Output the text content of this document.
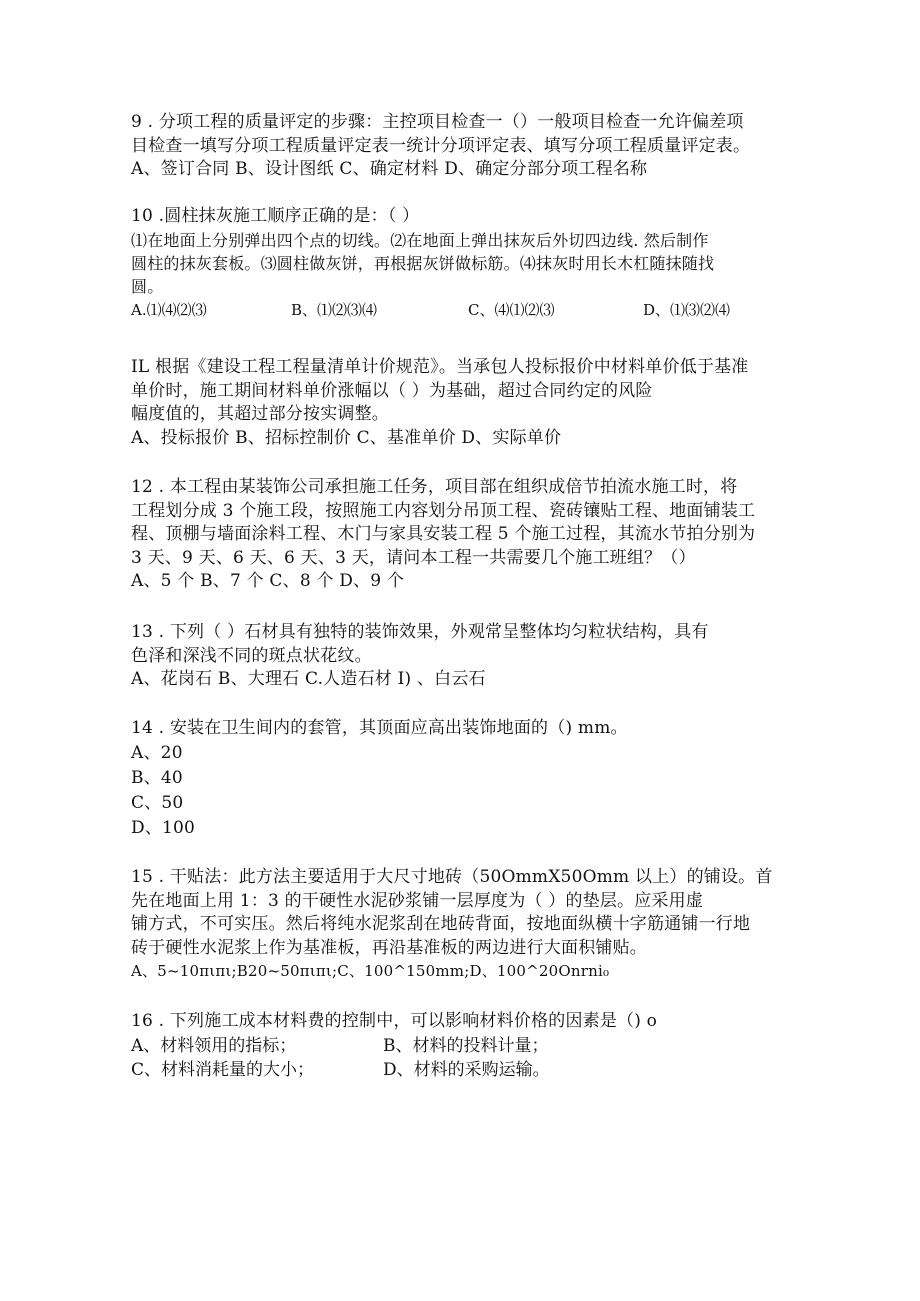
9 . 分项工程的质量评定的步骤：主控项目检查一（）一般项目检查一允许偏差项
目检查一填写分项工程质量评定表一统计分项评定表、填写分项工程质量评定表。
A、签订合同 B、设计图纸 C、确定材料 D、确定分部分项工程名称
10 .圆柱抹灰施工顺序正确的是：（ ）
⑴在地面上分别弹出四个点的切线。⑵在地面上弹出抹灰后外切四边线. 然后制作
圆柱的抹灰套板。⑶圆柱做灰饼，再根据灰饼做标筋。⑷抹灰时用长木杠随抹随找
圆。
A.⑴⑷⑵⑶	B、⑴⑵⑶⑷	C、⑷⑴⑵⑶	D、⑴⑶⑵⑷
IL 根据《建设工程工程量清单计价规范》。当承包人投标报价中材料单价低于基准
单价时，施工期间材料单价涨幅以（ ）为基础，超过合同约定的风险
幅度值的，其超过部分按实调整。
A、投标报价 B、招标控制价 C、基准单价 D、实际单价
12 . 本工程由某装饰公司承担施工任务，项目部在组织成倍节拍流水施工时，将
工程划分成 3 个施工段，按照施工内容划分吊顶工程、瓷砖镶贴工程、地面铺装工
程、顶棚与墙面涂料工程、木门与家具安装工程 5 个施工过程，其流水节拍分别为
3 天、9 天、6 天、6 天、3 天，请问本工程一共需要几个施工班组？（）
A、5 个 B、7 个 C、8 个 D、9 个
13 . 下列（ ）石材具有独特的装饰效果，外观常呈整体均匀粒状结构，具有
色泽和深浅不同的斑点状花纹。
A、花岗石 B、大理石 C.人造石材 I) 、白云石
14 . 安装在卫生间内的套管，其顶面应高出装饰地面的（) mm。
A、20
B、40
C、50
D、100
15 . 干贴法：此方法主要适用于大尺寸地砖（50OmmX50Omm 以上）的铺设。首
先在地面上用 1：3 的干硬性水泥砂浆铺一层厚度为（ ）的垫层。应采用虚
铺方式，不可实压。然后将纯水泥浆刮在地砖背面，按地面纵横十字筋通铺一行地
砖于硬性水泥浆上作为基准板，再沿基准板的两边进行大面积铺贴。
A、5~10πιπι;B20~50πιπι;C、100^150mm;D、100^20Onrni₀
16 . 下列施工成本材料费的控制中，可以影响材料价格的因素是（) o
A、材料领用的指标；	B、材料的投料计量；
C、材料消耗量的大小；	D、材料的采购运输。
